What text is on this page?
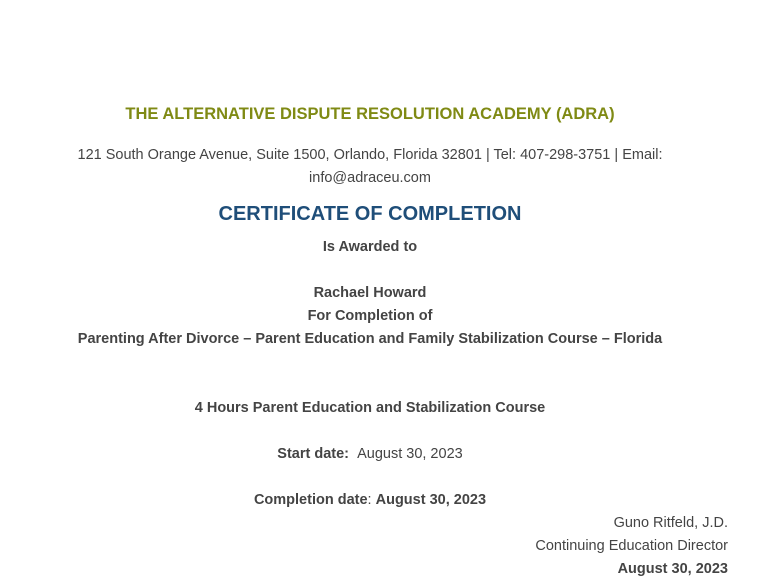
THE ALTERNATIVE DISPUTE RESOLUTION ACADEMY (ADRA)
121 South Orange Avenue, Suite 1500, Orlando, Florida 32801 | Tel: 407-298-3751 | Email: info@adraceu.com
CERTIFICATE OF COMPLETION
Is Awarded to
Rachael Howard
For Completion of
Parenting After Divorce – Parent Education and Family Stabilization Course – Florida
4 Hours Parent Education and Stabilization Course
Start date: August 30, 2023
Completion date: August 30, 2023
Guno Ritfeld, J.D.
Continuing Education Director
August 30, 2023
